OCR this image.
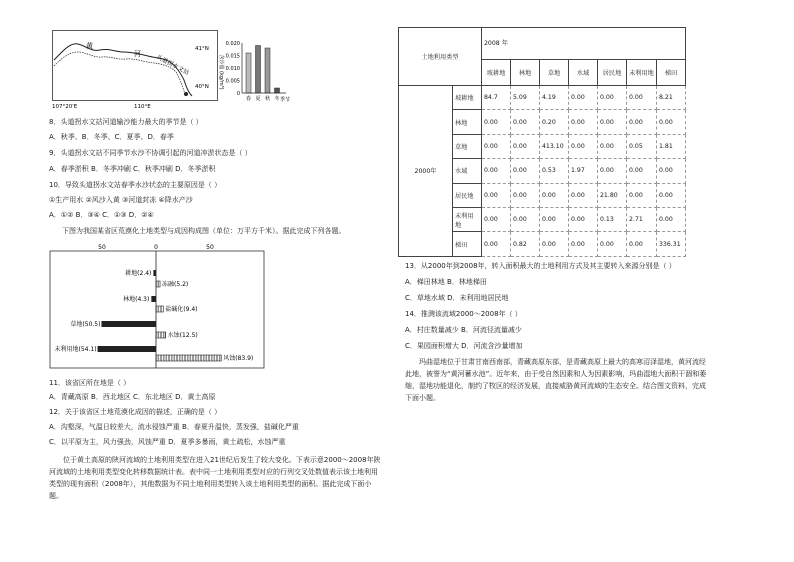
黄
河 头道拐水文站
41°N
40°N
107°20'E	110°E
含沙量 (kg/m³)
0.020
0.015
0.010
0.005
0
春 夏 秋 冬 季节
8．头道拐水文站河道输沙能力最大的季节是（ ）
A．秋季、B．冬季、C．夏季、D．春季
9．头道拐水文站不同季节水沙不协调引起的河道冲淤状态是（ ）
A．春季淤积 B．冬季冲刷 C．秋季冲刷 D．冬季淤积
10．导致头道拐水文站春季水沙状态的主要原因是（ ）
①生产用水 ②风沙入黄 ③河道封冻 ④降水产沙
A．①② B．③④ C．①③ D．②④
下图为我国某省区荒漠化土地类型与成因构成图（单位：万平方千米）。据此完成下列各题。
50	0	50
耕地(2.4)
林地(4.3)
草地(50.5)
未利用地(54.1)
冻融(5.2)
盐碱化(9.4)
水蚀(12.5)
风蚀(83.9)
11．该省区所在地是（ ）
A．青藏高原 B．西北地区 C．东北地区 D．黄土高原
12．关于该省区土地荒漠化成因的描述，正确的是（ ）
A．沟壑深，气温日较差大，流水侵蚀严重 B．春夏升温快，蒸发强，盐碱化严重
C．以平原为主，风力强劲，风蚀严重 D．夏季多暴雨，黄土疏松，水蚀严重
位于黄土高原的陕河流域的土地利用类型在进入21世纪后发生了较大变化。下表示意2000～2008年陕河流域的土地利用类型变化转移数据统计表。表中同一土地利用类型对应的行列交叉处数值表示该土地利用类型的现有面积（2008年），其他数据为不同土地利用类型转入该土地利用类型的面积。据此完成下面小题。
土地利用类型		2008 年						
		坡耕地	林地	草地	水域	居民地	未利用地	梯田
2000年	坡耕地	84.7	5.09	4.19	0.00	0.00	0.00	8.21
	林地	0.00	0.00	0.20	0.00	0.00	0.00	0.00
	草地	0.00	0.00	413.10	0.00	0.00	0.05	1.81
	水域	0.00	0.00	0.53	1.97	0.00	0.00	0.00
	居民地	0.00	0.00	0.00	0.00	21.80	0.00	0.00
	未利用地	0.00	0.00	0.00	0.00	0.13	2.71	0.00
	梯田	0.00	0.82	0.00	0.00	0.00	0.00	336.31
13．从2000年到2008年，转入面积最大的土地利用方式及其主要转入来源分别是（ ）
A．梯田林地 B．林地梯田
C．草地水域 D．未利用地居民地
14．推测该流域2000～2008年（ ）
A．村庄数量减少 B．河流径流量减少
C．果园面积增大 D．河流含沙量增加
玛曲湿地位于甘肃甘南西南部，青藏高原东部，是青藏高原上最大的高寒沼泽湿地，黄河流经此地，被誉为“黄河蓄水池”。近年来，由于受自然因素和人为因素影响，玛曲湿地大面积干涸和萎缩，湿地功能退化，制约了牧区的经济发展，直接威胁黄河流域的生态安全。结合图文资料，完成下面小题。
